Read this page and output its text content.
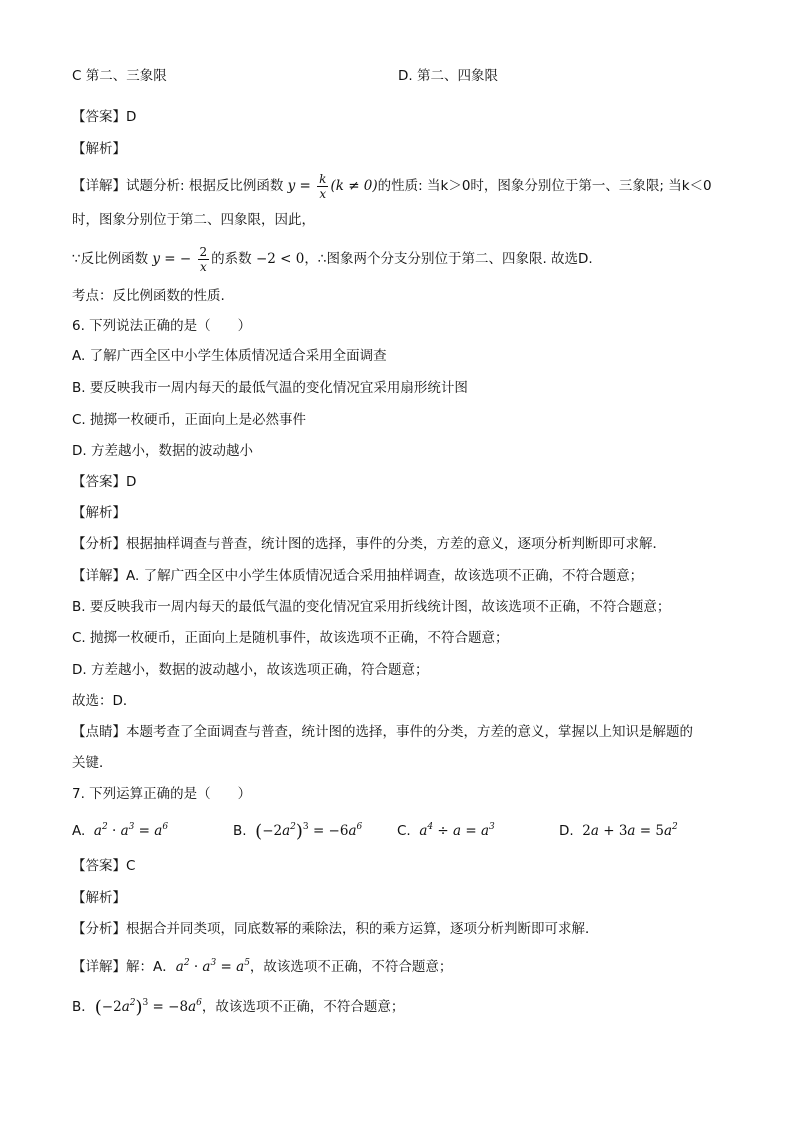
C 第二、三象限	D. 第二、四象限
【答案】D
【解析】
【详解】试题分析: 根据反比例函数 $y = \frac{k}{x} (k \ne 0)$的性质: 当k＞0时，图象分别位于第一、三象限; 当k＜0
时，图象分别位于第二、四象限，因此，
∵反比例函数 y = − $\frac{2}{x}$ 的系数 −2 < 0，∴图象两个分支分别位于第二、四象限. 故选D.
考点：反比例函数的性质.
6. 下列说法正确的是（　　）
A. 了解广西全区中小学生体质情况适合采用全面调查
B. 要反映我市一周内每天的最低气温的变化情况宜采用扇形统计图
C. 抛掷一枚硬币，正面向上是必然事件
D. 方差越小，数据的波动越小
【答案】D
【解析】
【分析】根据抽样调查与普查，统计图的选择，事件的分类，方差的意义，逐项分析判断即可求解．
【详解】A. 了解广西全区中小学生体质情况适合采用抽样调查，故该选项不正确，不符合题意；
B. 要反映我市一周内每天的最低气温的变化情况宜采用折线统计图，故该选项不正确，不符合题意；
C. 抛掷一枚硬币，正面向上是随机事件，故该选项不正确，不符合题意；
D. 方差越小，数据的波动越小，故该选项正确，符合题意；
故选：D．
【点睛】本题考查了全面调查与普查，统计图的选择，事件的分类，方差的意义，掌握以上知识是解题的
关键．
7. 下列运算正确的是（　　）
A. $a^2 \cdot a^3 = a^6$	B. $(-2a^2)^3 = -6a^6$	C. $a^4 \div a = a^3$	D. $2a + 3a = 5a^2$
【答案】C
【解析】
【分析】根据合并同类项，同底数幂的乘除法，积的乘方运算，逐项分析判断即可求解．
【详解】解：A．$a^2 \cdot a^3 = a^5$，故该选项不正确，不符合题意；
B．$(-2a^2)^3 = -8a^6$，故该选项不正确，不符合题意；
